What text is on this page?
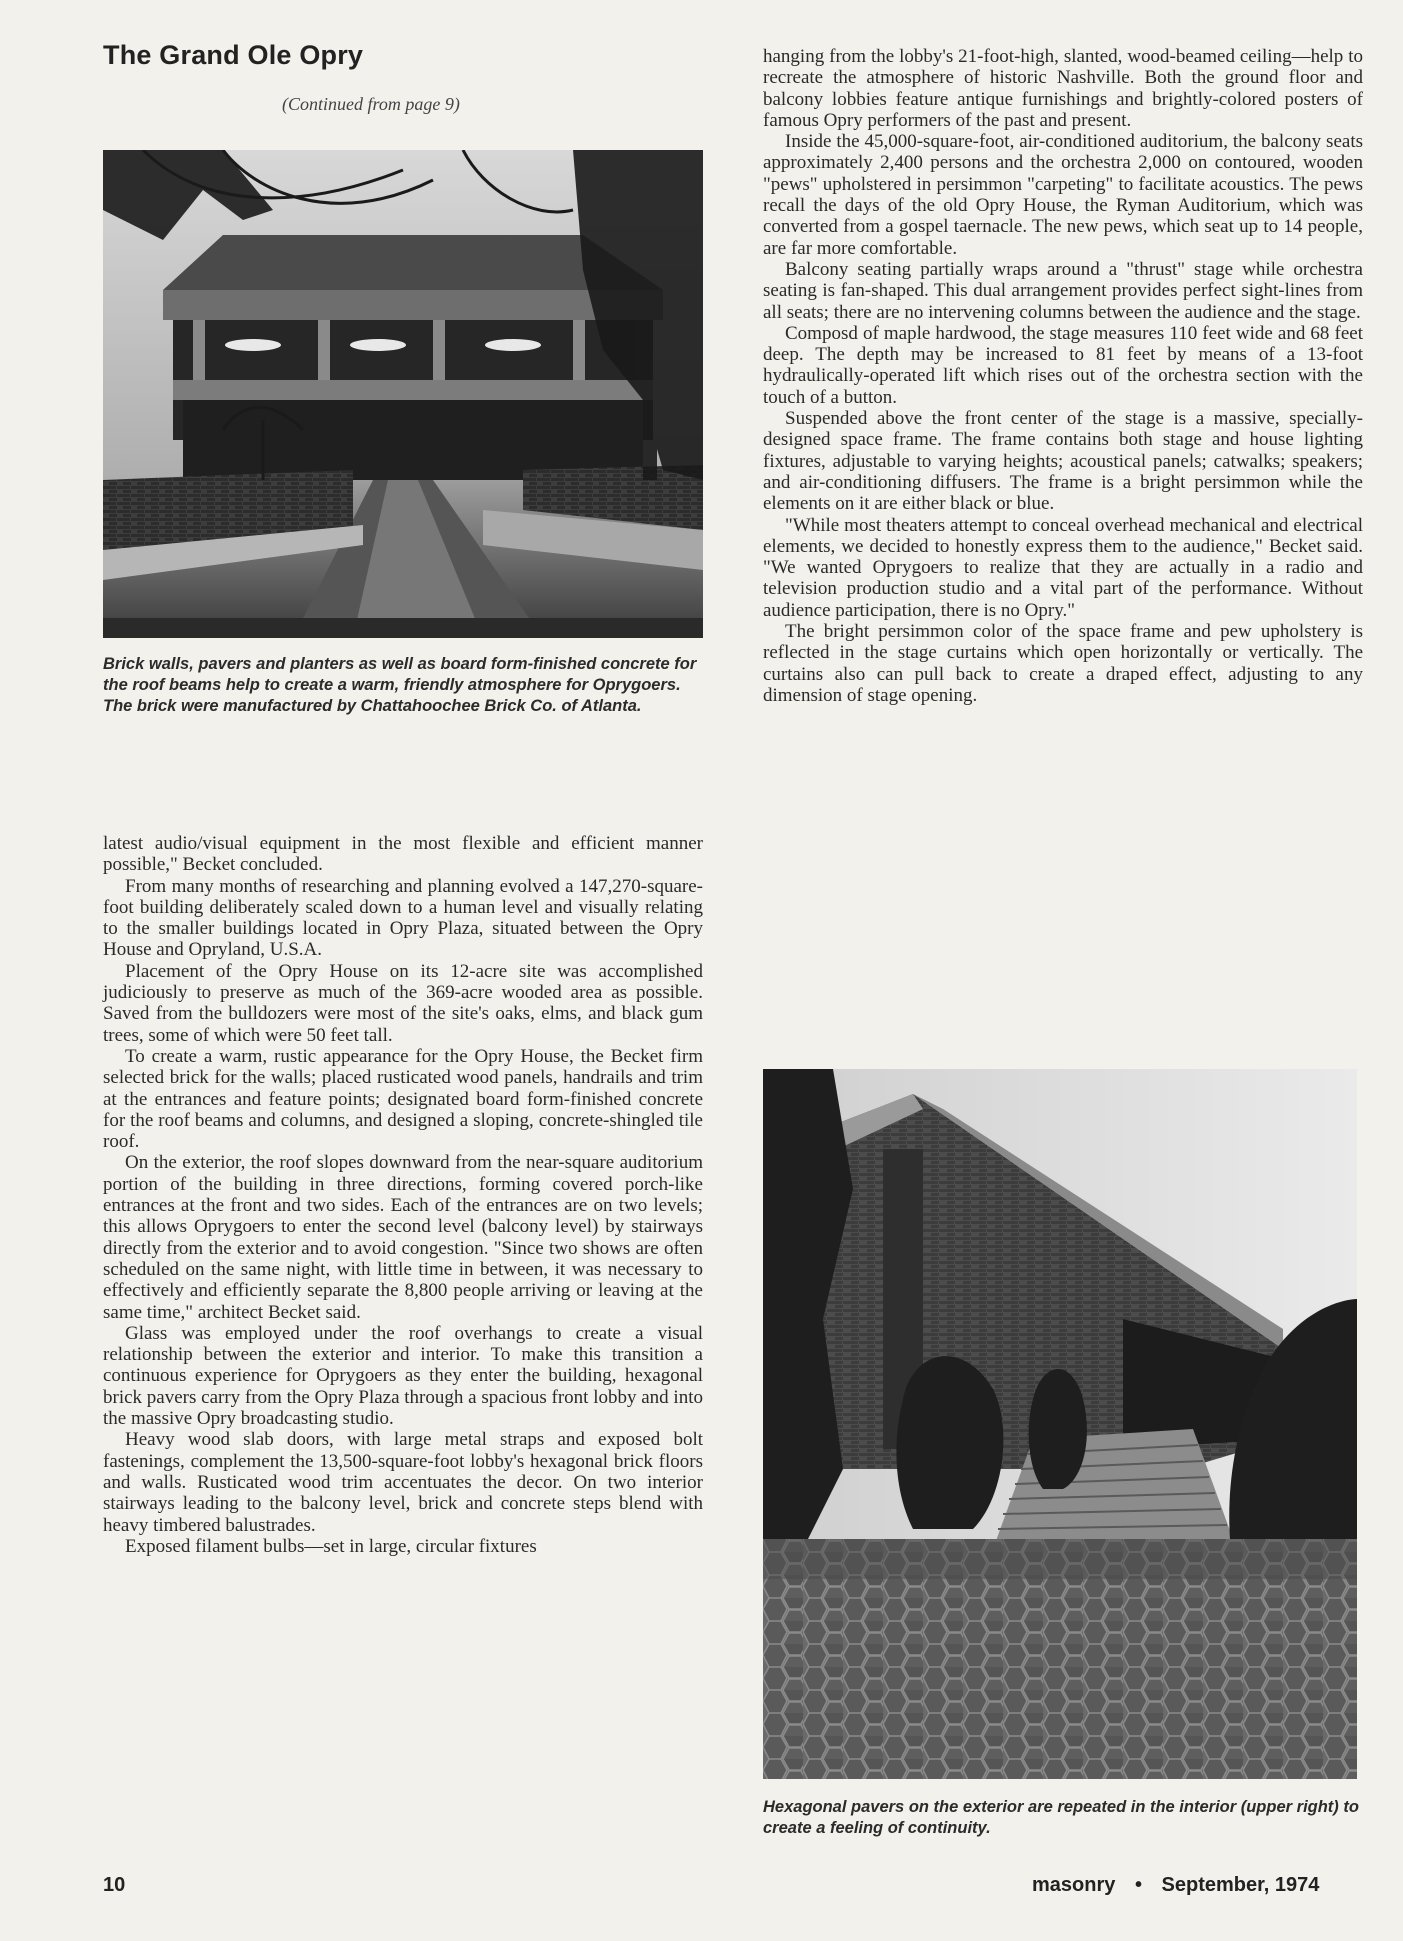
The Grand Ole Opry
(Continued from page 9)
Brick walls, pavers and planters as well as board form-finished concrete for the roof beams help to create a warm, friendly atmosphere for Oprygoers. The brick were manufactured by Chattahoochee Brick Co. of Atlanta.

latest audio/visual equipment in the most flexible and efficient manner possible," Becket concluded.

From many months of researching and planning evolved a 147,270-square-foot building deliberately scaled down to a human level and visually relating to the smaller buildings located in Opry Plaza, situated between the Opry House and Opryland, U.S.A.

Placement of the Opry House on its 12-acre site was accomplished judiciously to preserve as much of the 369-acre wooded area as possible. Saved from the bulldozers were most of the site's oaks, elms, and black gum trees, some of which were 50 feet tall.

To create a warm, rustic appearance for the Opry House, the Becket firm selected brick for the walls; placed rusticated wood panels, handrails and trim at the entrances and feature points; designated board form-finished concrete for the roof beams and columns, and designed a sloping, concrete-shingled tile roof.

On the exterior, the roof slopes downward from the near-square auditorium portion of the building in three directions, forming covered porch-like entrances at the front and two sides. Each of the entrances are on two levels; this allows Oprygoers to enter the second level (balcony level) by stairways directly from the exterior and to avoid congestion. "Since two shows are often scheduled on the same night, with little time in between, it was necessary to effectively and efficiently separate the 8,800 people arriving or leaving at the same time," architect Becket said.

Glass was employed under the roof overhangs to create a visual relationship between the exterior and interior. To make this transition a continuous experience for Oprygoers as they enter the building, hexagonal brick pavers carry from the Opry Plaza through a spacious front lobby and into the massive Opry broadcasting studio.

Heavy wood slab doors, with large metal straps and exposed bolt fastenings, complement the 13,500-square-foot lobby's hexagonal brick floors and walls. Rusticated wood trim accentuates the decor. On two interior stairways leading to the balcony level, brick and concrete steps blend with heavy timbered balustrades.

Exposed filament bulbs—set in large, circular fixtures

hanging from the lobby's 21-foot-high, slanted, wood-beamed ceiling—help to recreate the atmosphere of historic Nashville. Both the ground floor and balcony lobbies feature antique furnishings and brightly-colored posters of famous Opry performers of the past and present.

Inside the 45,000-square-foot, air-conditioned auditorium, the balcony seats approximately 2,400 persons and the orchestra 2,000 on contoured, wooden "pews" upholstered in persimmon "carpeting" to facilitate acoustics. The pews recall the days of the old Opry House, the Ryman Auditorium, which was converted from a gospel taernacle. The new pews, which seat up to 14 people, are far more comfortable.

Balcony seating partially wraps around a "thrust" stage while orchestra seating is fan-shaped. This dual arrangement provides perfect sight-lines from all seats; there are no intervening columns between the audience and the stage.

Composd of maple hardwood, the stage measures 110 feet wide and 68 feet deep. The depth may be increased to 81 feet by means of a 13-foot hydraulically-operated lift which rises out of the orchestra section with the touch of a button.

Suspended above the front center of the stage is a massive, specially-designed space frame. The frame contains both stage and house lighting fixtures, adjustable to varying heights; acoustical panels; catwalks; speakers; and air-conditioning diffusers. The frame is a bright persimmon while the elements on it are either black or blue.

"While most theaters attempt to conceal overhead mechanical and electrical elements, we decided to honestly express them to the audience," Becket said. "We wanted Oprygoers to realize that they are actually in a radio and television production studio and a vital part of the performance. Without audience participation, there is no Opry."

The bright persimmon color of the space frame and pew upholstery is reflected in the stage curtains which open horizontally or vertically. The curtains also can pull back to create a draped effect, adjusting to any dimension of stage opening.

Hexagonal pavers on the exterior are repeated in the interior (upper right) to create a feeling of continuity.
10	masonry • September, 1974
